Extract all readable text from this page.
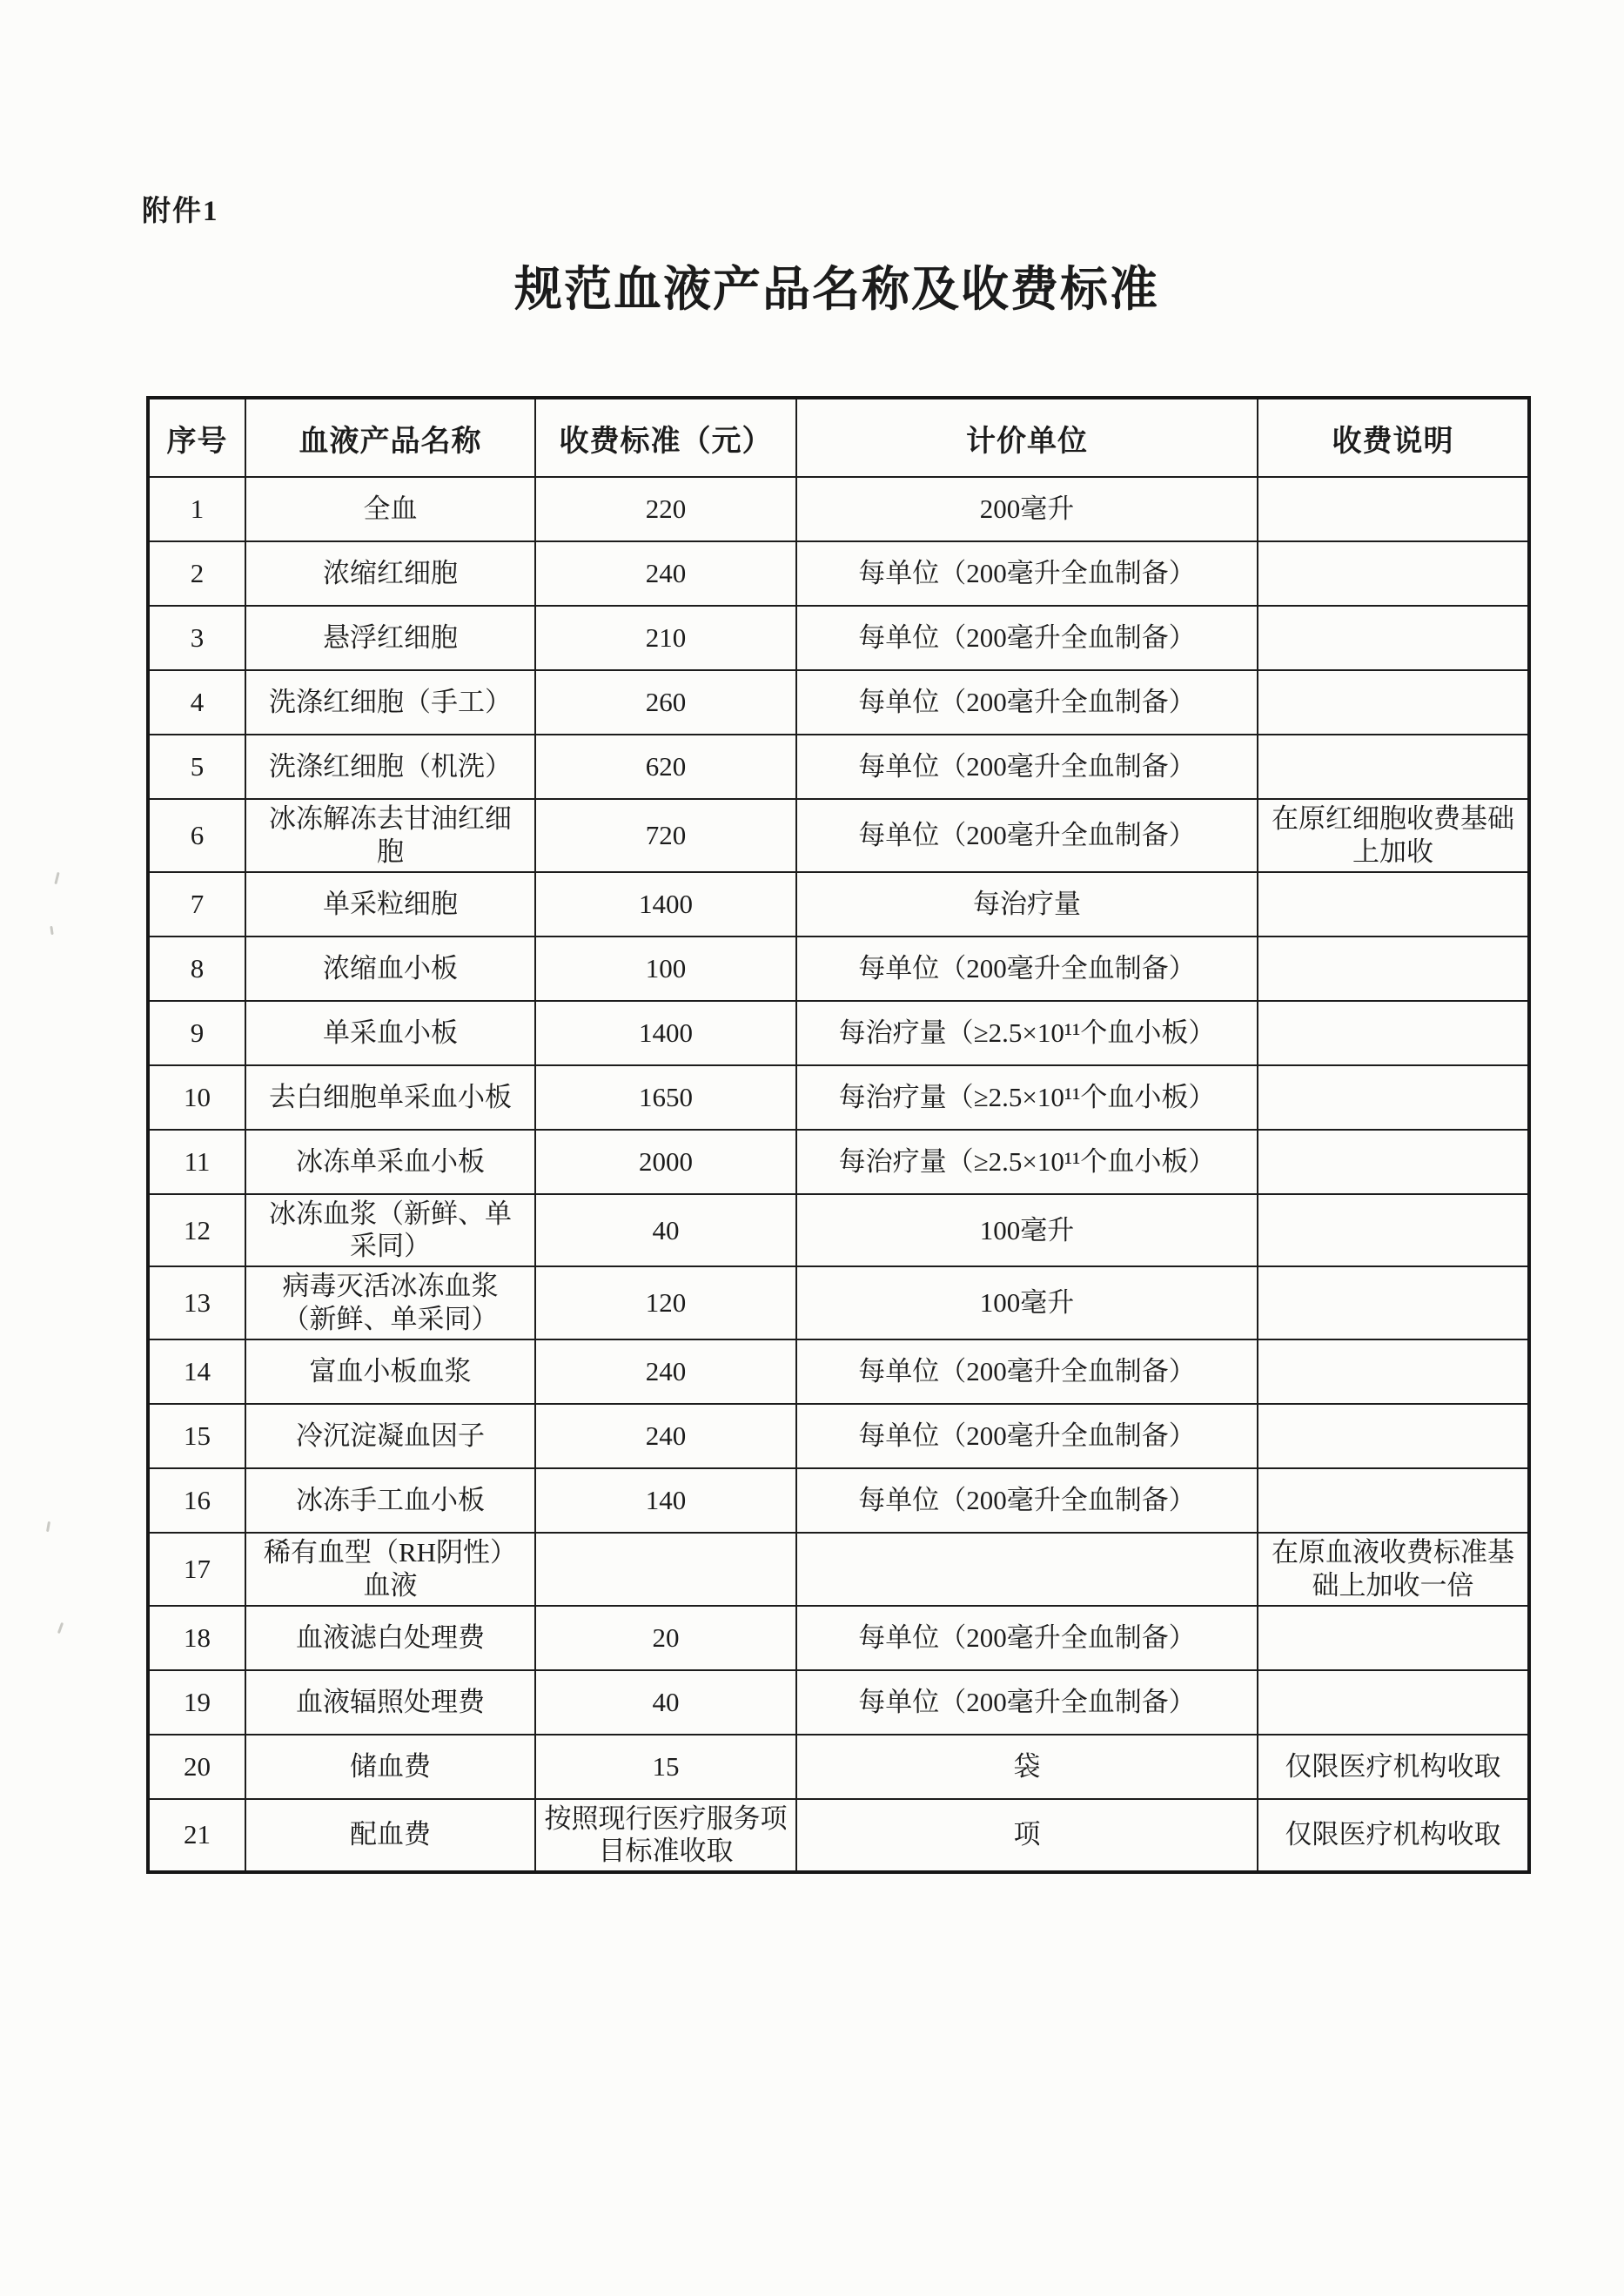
附件1
规范血液产品名称及收费标准
序号	血液产品名称	收费标准（元）	计价单位	收费说明
1	全血	220	200毫升	
2	浓缩红细胞	240	每单位（200毫升全血制备）	
3	悬浮红细胞	210	每单位（200毫升全血制备）	
4	洗涤红细胞（手工）	260	每单位（200毫升全血制备）	
5	洗涤红细胞（机洗）	620	每单位（200毫升全血制备）	
6	冰冻解冻去甘油红细胞	720	每单位（200毫升全血制备）	在原红细胞收费基础上加收
7	单采粒细胞	1400	每治疗量	
8	浓缩血小板	100	每单位（200毫升全血制备）	
9	单采血小板	1400	每治疗量（≥2.5×10¹¹个血小板）	
10	去白细胞单采血小板	1650	每治疗量（≥2.5×10¹¹个血小板）	
11	冰冻单采血小板	2000	每治疗量（≥2.5×10¹¹个血小板）	
12	冰冻血浆（新鲜、单采同）	40	100毫升	
13	病毒灭活冰冻血浆（新鲜、单采同）	120	100毫升	
14	富血小板血浆	240	每单位（200毫升全血制备）	
15	冷沉淀凝血因子	240	每单位（200毫升全血制备）	
16	冰冻手工血小板	140	每单位（200毫升全血制备）	
17	稀有血型（RH阴性）血液			在原血液收费标准基础上加收一倍
18	血液滤白处理费	20	每单位（200毫升全血制备）	
19	血液辐照处理费	40	每单位（200毫升全血制备）	
20	储血费	15	袋	仅限医疗机构收取
21	配血费	按照现行医疗服务项目标准收取	项	仅限医疗机构收取
